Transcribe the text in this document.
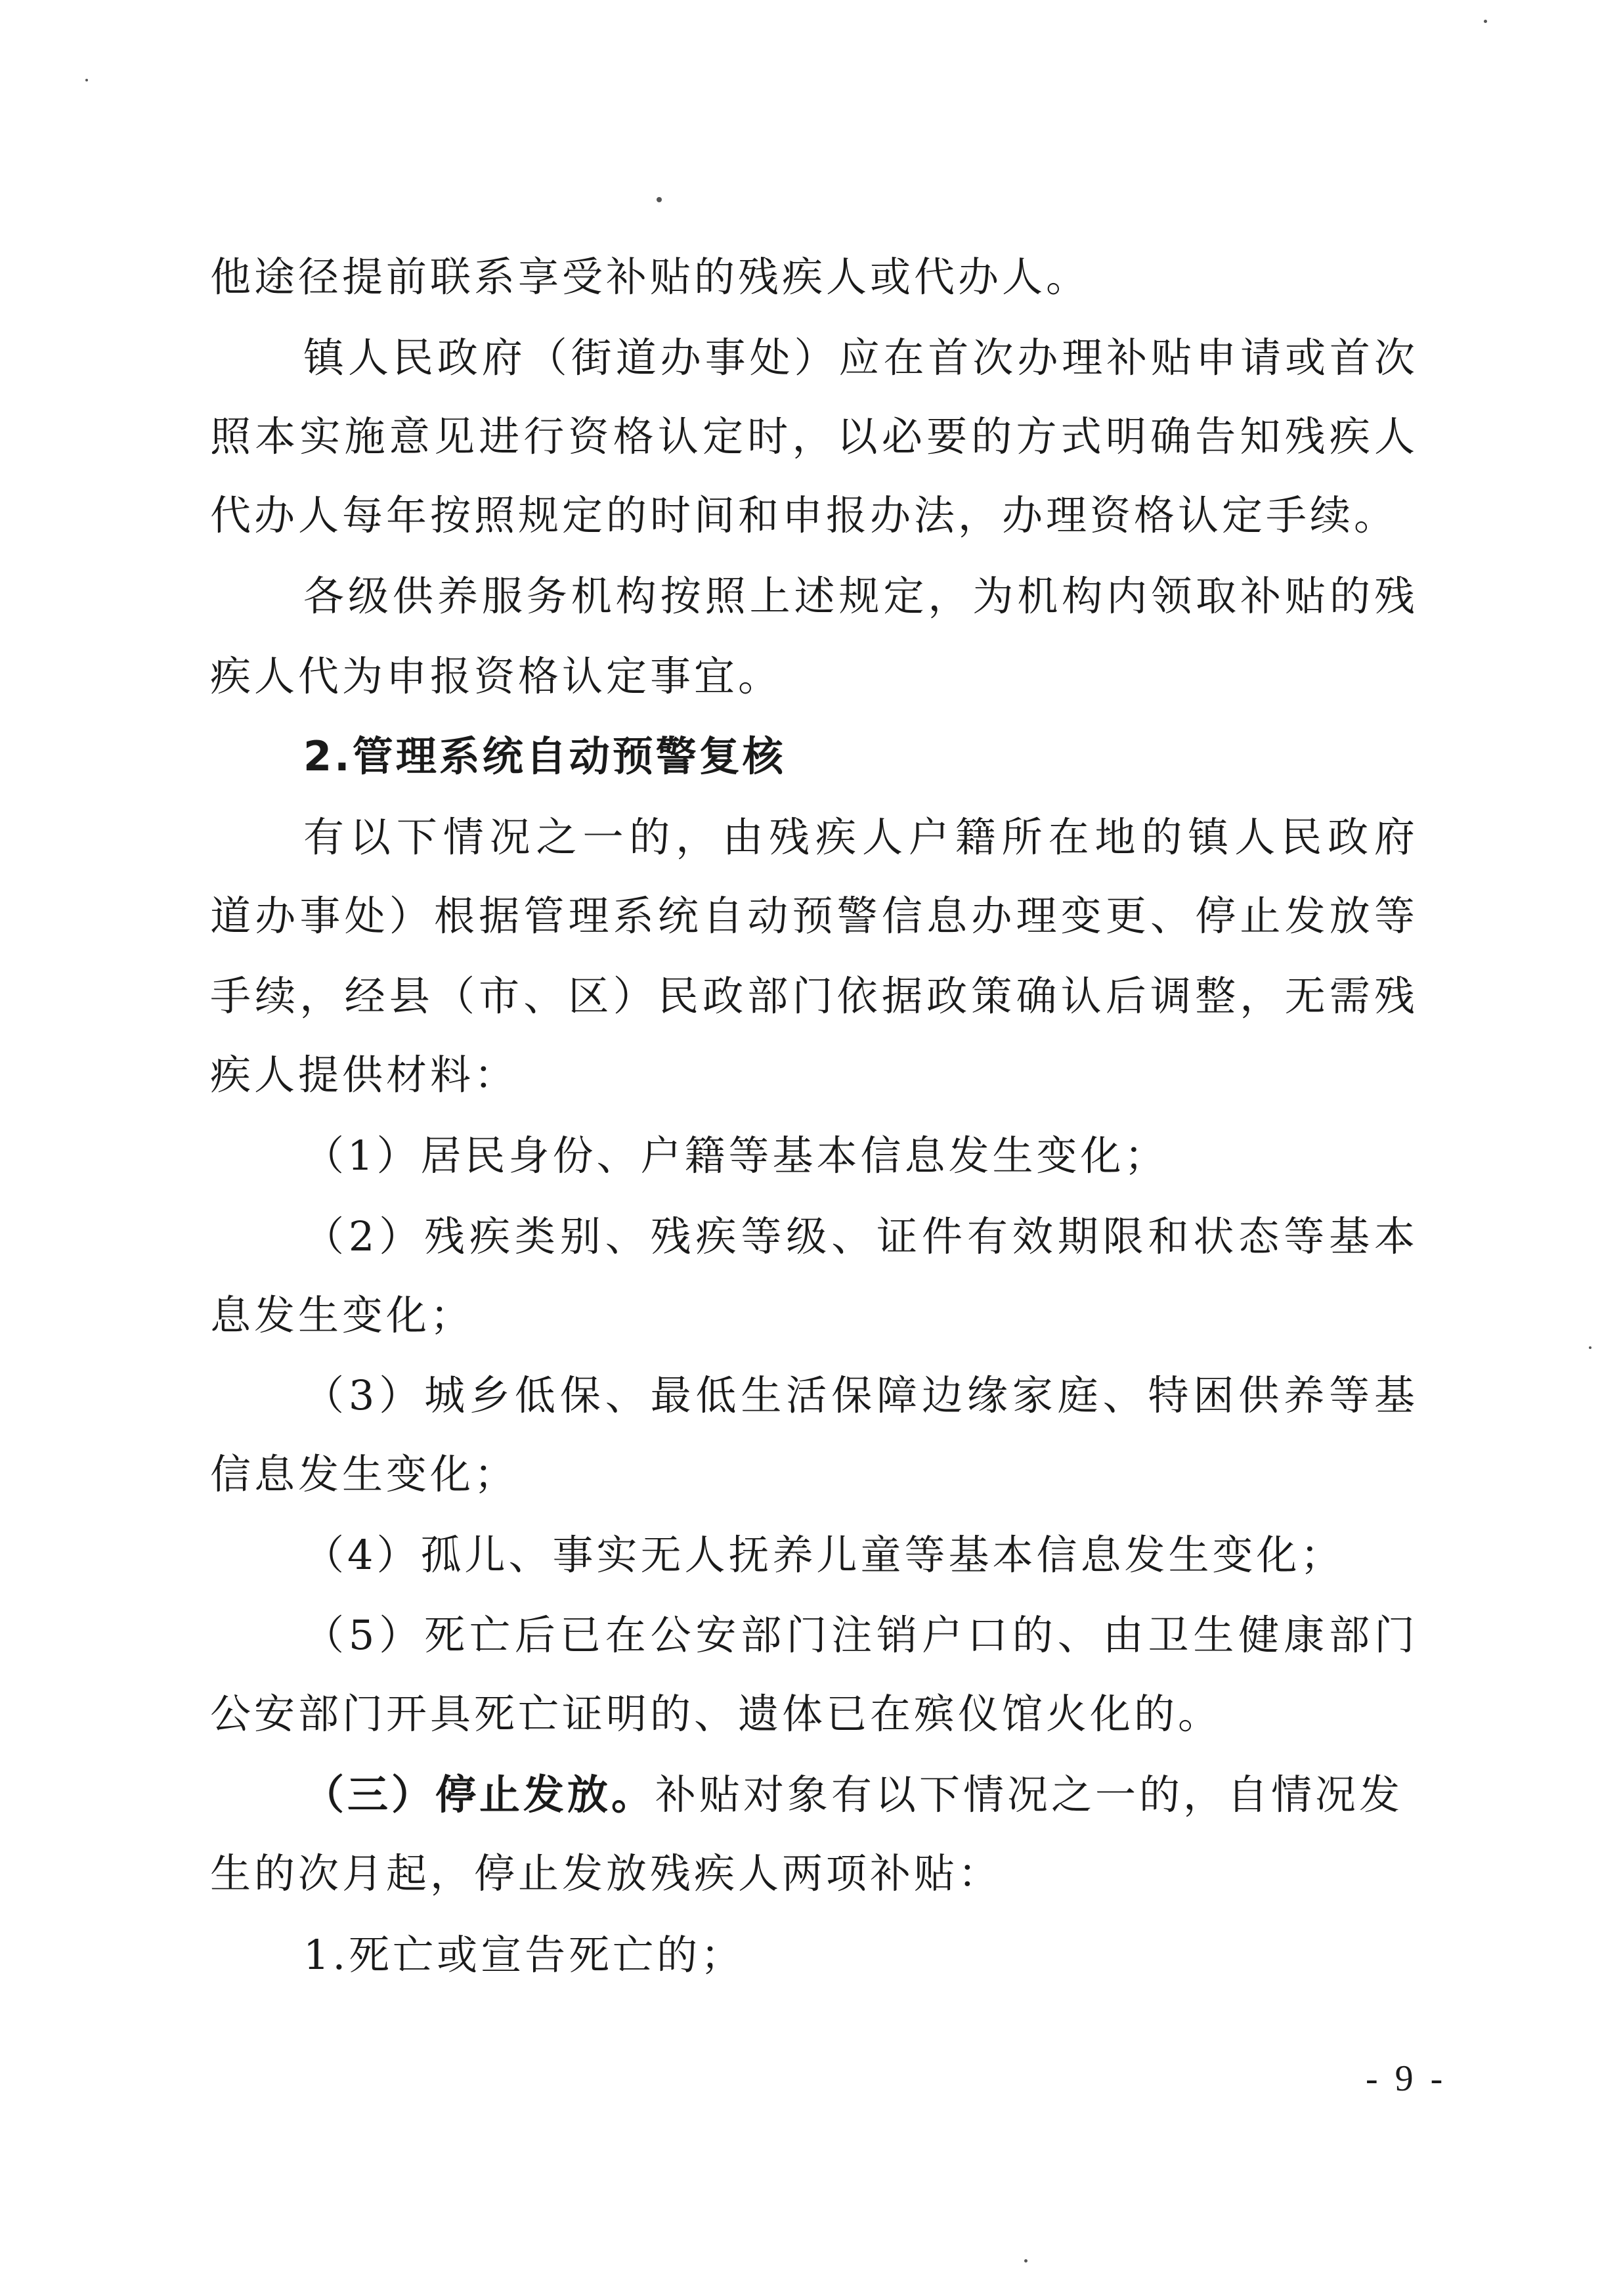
他途径提前联系享受补贴的残疾人或代办人。
镇人民政府（街道办事处）应在首次办理补贴申请或首次
照本实施意见进行资格认定时，以必要的方式明确告知残疾人
代办人每年按照规定的时间和申报办法，办理资格认定手续。
各级供养服务机构按照上述规定，为机构内领取补贴的残
疾人代为申报资格认定事宜。
2.管理系统自动预警复核
有以下情况之一的，由残疾人户籍所在地的镇人民政府
道办事处）根据管理系统自动预警信息办理变更、停止发放等
手续，经县（市、区）民政部门依据政策确认后调整，无需残
疾人提供材料：
（1）居民身份、户籍等基本信息发生变化；
（2）残疾类别、残疾等级、证件有效期限和状态等基本
息发生变化；
（3）城乡低保、最低生活保障边缘家庭、特困供养等基
信息发生变化；
（4）孤儿、事实无人抚养儿童等基本信息发生变化；
（5）死亡后已在公安部门注销户口的、由卫生健康部门
公安部门开具死亡证明的、遗体已在殡仪馆火化的。
（三）停止发放。补贴对象有以下情况之一的，自情况发
生的次月起，停止发放残疾人两项补贴：
1.死亡或宣告死亡的；
- 9 -
